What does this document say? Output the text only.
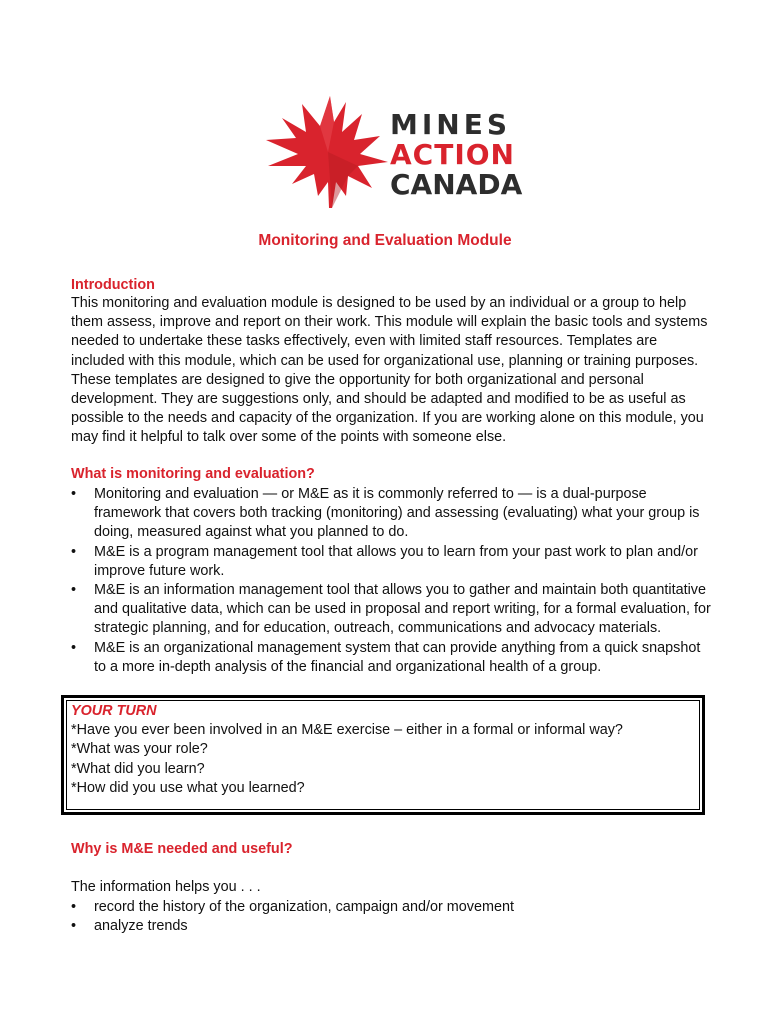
MINES
ACTION
CANADA
Monitoring and Evaluation Module
Introduction
This monitoring and evaluation module is designed to be used by an individual or a group to help them assess, improve and report on their work. This module will explain the basic tools and systems needed to undertake these tasks effectively, even with limited staff resources. Templates are included with this module, which can be used for organizational use, planning or training purposes. These templates are designed to give the opportunity for both organizational and personal development. They are suggestions only, and should be adapted and modified to be as useful as possible to the needs and capacity of the organization. If you are working alone on this module, you may find it helpful to talk over some of the points with someone else.
What is monitoring and evaluation?
• Monitoring and evaluation — or M&E as it is commonly referred to — is a dual-purpose framework that covers both tracking (monitoring) and assessing (evaluating) what your group is doing, measured against what you planned to do.
• M&E is a program management tool that allows you to learn from your past work to plan and/or improve future work.
• M&E is an information management tool that allows you to gather and maintain both quantitative and qualitative data, which can be used in proposal and report writing, for a formal evaluation, for strategic planning, and for education, outreach, communications and advocacy materials.
• M&E is an organizational management system that can provide anything from a quick snapshot to a more in-depth analysis of the financial and organizational health of a group.
YOUR TURN
*Have you ever been involved in an M&E exercise – either in a formal or informal way?
*What was your role?
*What did you learn?
*How did you use what you learned?
Why is M&E needed and useful?
The information helps you . . .
• record the history of the organization, campaign and/or movement
• analyze trends
